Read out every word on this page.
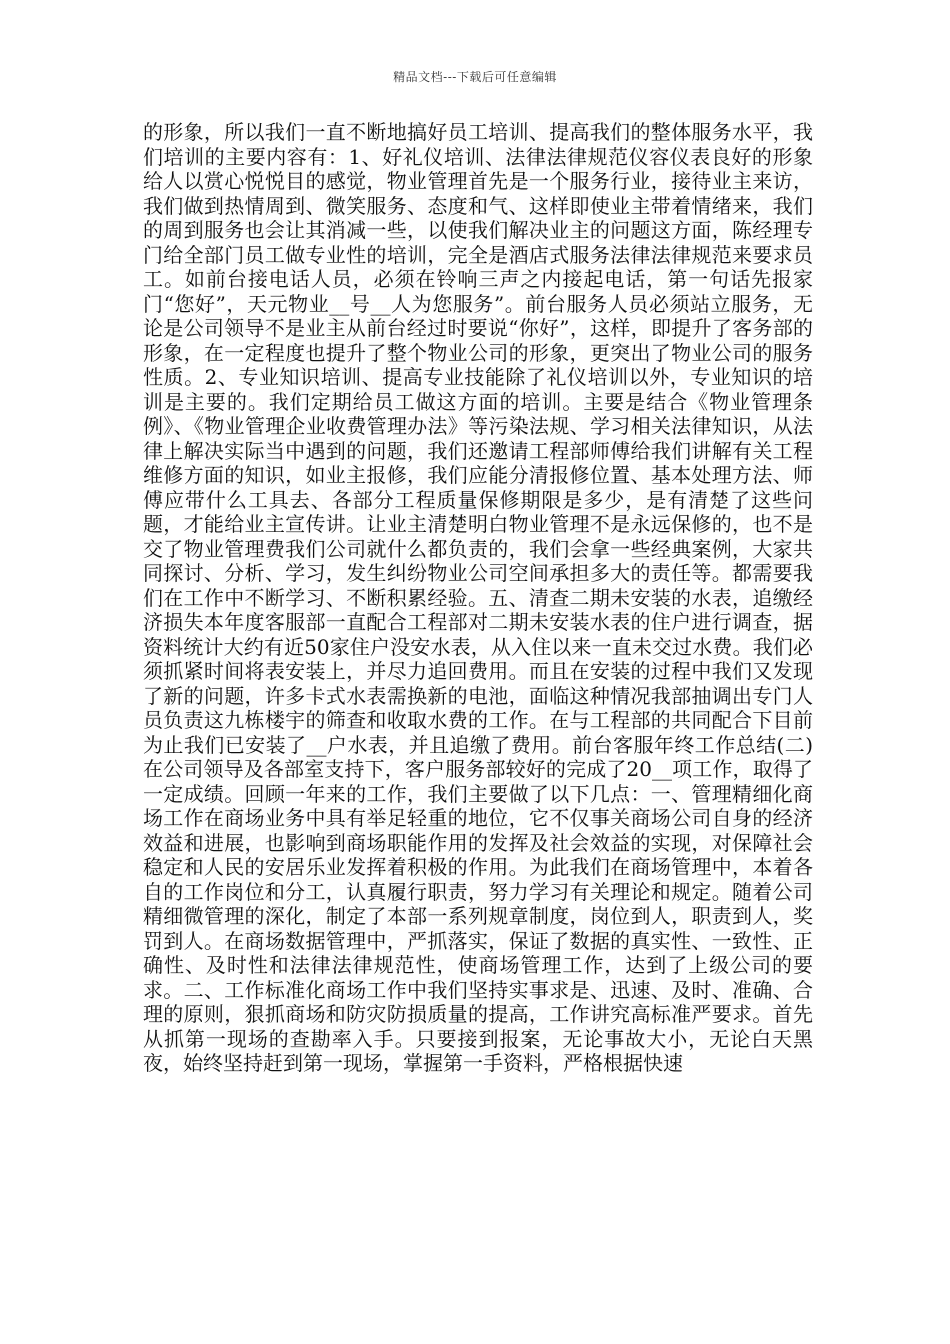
精品文档---下载后可任意编辑

的形象，所以我们一直不断地搞好员工培训、提高我们的整体服务水平，我们培训的主要内容有：1、好礼仪培训、法律法律规范仪容仪表良好的形象给人以赏心悦悦目的感觉，物业管理首先是一个服务行业，接待业主来访，我们做到热情周到、微笑服务、态度和气、这样即使业主带着情绪来，我们的周到服务也会让其消减一些，以使我们解决业主的问题这方面，陈经理专门给全部门员工做专业性的培训，完全是酒店式服务法律法律规范来要求员工。如前台接电话人员，必须在铃响三声之内接起电话，第一句话先报家门“您好”，天元物业__号__人为您服务”。前台服务人员必须站立服务，无论是公司领导不是业主从前台经过时要说“你好”，这样，即提升了客务部的形象，在一定程度也提升了整个物业公司的形象，更突出了物业公司的服务性质。2、专业知识培训、提高专业技能除了礼仪培训以外，专业知识的培训是主要的。我们定期给员工做这方面的培训。主要是结合《物业管理条例》、《物业管理企业收费管理办法》等污染法规、学习相关法律知识，从法律上解决实际当中遇到的问题，我们还邀请工程部师傅给我们讲解有关工程维修方面的知识，如业主报修，我们应能分清报修位置、基本处理方法、师傅应带什么工具去、各部分工程质量保修期限是多少，是有清楚了这些问题，才能给业主宣传讲。让业主清楚明白物业管理不是永远保修的，也不是交了物业管理费我们公司就什么都负责的，我们会拿一些经典案例，大家共同探讨、分析、学习，发生纠纷物业公司空间承担多大的责任等。都需要我们在工作中不断学习、不断积累经验。五、清查二期未安装的水表，追缴经济损失本年度客服部一直配合工程部对二期未安装水表的住户进行调查，据资料统计大约有近50家住户没安水表，从入住以来一直未交过水费。我们必须抓紧时间将表安装上，并尽力追回费用。而且在安装的过程中我们又发现了新的问题，许多卡式水表需换新的电池，面临这种情况我部抽调出专门人员负责这九栋楼宇的筛查和收取水费的工作。在与工程部的共同配合下目前为止我们已安装了__户水表，并且追缴了费用。前台客服年终工作总结(二)在公司领导及各部室支持下，客户服务部较好的完成了20__项工作，取得了一定成绩。回顾一年来的工作，我们主要做了以下几点：一、管理精细化商场工作在商场业务中具有举足轻重的地位，它不仅事关商场公司自身的经济效益和进展，也影响到商场职能作用的发挥及社会效益的实现，对保障社会稳定和人民的安居乐业发挥着积极的作用。为此我们在商场管理中，本着各自的工作岗位和分工，认真履行职责，努力学习有关理论和规定。随着公司精细微管理的深化，制定了本部一系列规章制度，岗位到人，职责到人，奖罚到人。在商场数据管理中，严抓落实，保证了数据的真实性、一致性、正确性、及时性和法律法律规范性，使商场管理工作，达到了上级公司的要求。二、工作标准化商场工作中我们坚持实事求是、迅速、及时、准确、合理的原则，狠抓商场和防灾防损质量的提高，工作讲究高标准严要求。首先从抓第一现场的查勘率入手。只要接到报案，无论事故大小，无论白天黑夜，始终坚持赶到第一现场，掌握第一手资料，严格根据快速
